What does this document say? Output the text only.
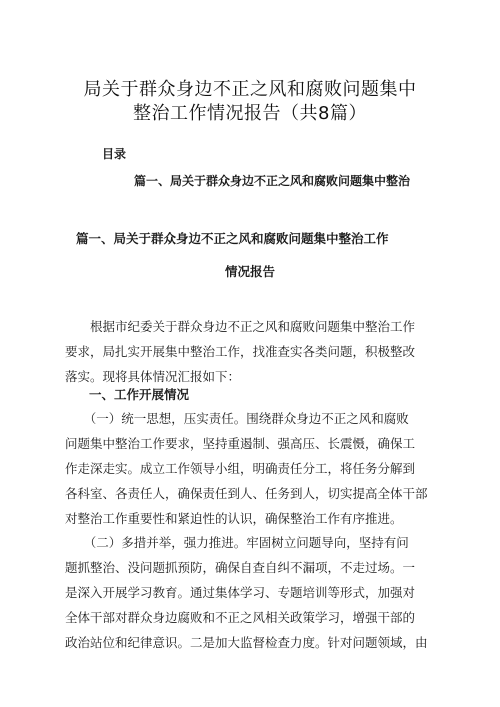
局关于群众身边不正之风和腐败问题集中
整治工作情况报告（共8篇）
目录
篇一、局关于群众身边不正之风和腐败问题集中整治
篇一、局关于群众身边不正之风和腐败问题集中整治工作
情况报告
　　根据市纪委关于群众身边不正之风和腐败问题集中整治工作
要求，局扎实开展集中整治工作，找准查实各类问题，积极整改
落实。现将具体情况汇报如下：
一、工作开展情况
　　（一）统一思想，压实责任。围绕群众身边不正之风和腐败
问题集中整治工作要求，坚持重遏制、强高压、长震慑，确保工
作走深走实。成立工作领导小组，明确责任分工，将任务分解到
各科室、各责任人，确保责任到人、任务到人，切实提高全体干部
对整治工作重要性和紧迫性的认识，确保整治工作有序推进。
　　（二）多措并举，强力推进。牢固树立问题导向，坚持有问
题抓整治、没问题抓预防，确保自查自纠不漏项，不走过场。一
是深入开展学习教育。通过集体学习、专题培训等形式，加强对
全体干部对群众身边腐败和不正之风相关政策学习，增强干部的
政治站位和纪律意识。二是加大监督检查力度。针对问题领域，由
